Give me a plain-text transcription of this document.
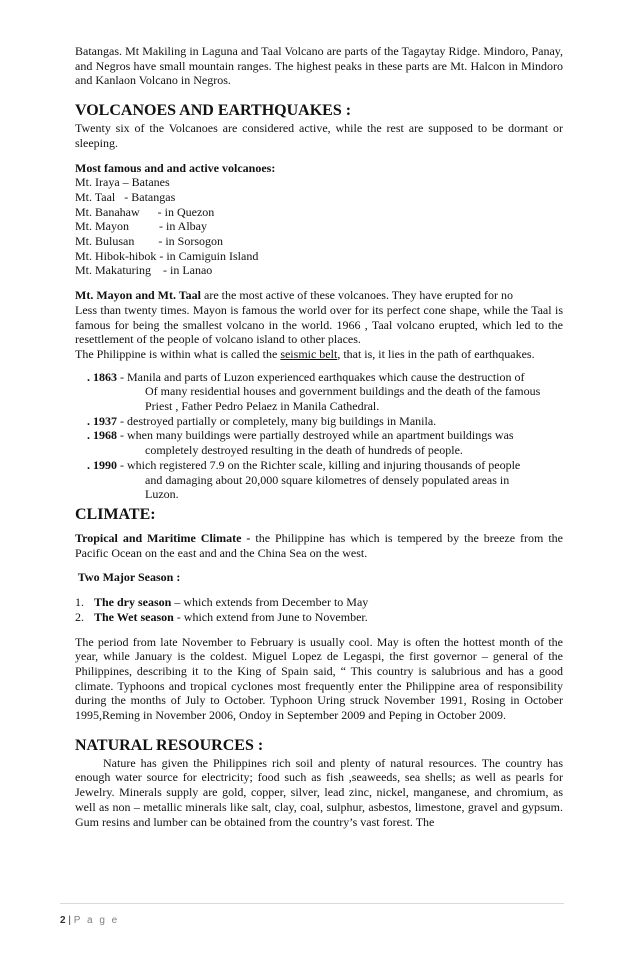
Batangas. Mt Makiling in Laguna and Taal Volcano are parts of the Tagaytay Ridge. Mindoro, Panay, and Negros have small mountain ranges. The highest peaks in these parts are Mt. Halcon in Mindoro and Kanlaon Volcano in Negros.

VOLCANOES AND EARTHQUAKES :

Twenty six of the Volcanoes are considered active, while the rest are supposed to be dormant or sleeping.

Most famous and and active volcanoes:

Mt. Iraya – Batanes
Mt. Taal   - Batangas
Mt. Banahaw      - in Quezon
Mt. Mayon          - in Albay
Mt. Bulusan        - in Sorsogon
Mt. Hibok-hibok - in Camiguin Island
Mt. Makaturing    - in Lanao

Mt. Mayon and Mt. Taal are the most active of these volcanoes. They have erupted for no

Less than twenty times. Mayon is famous the world over for its perfect cone shape, while the Taal is famous for being the smallest volcano in the world. 1966 , Taal volcano erupted, which led to the resettlement of the people of volcano island to other places.

The Philippine is within what is called the seismic belt, that is, it lies in the path of earthquakes.

. 1863 - Manila and parts of Luzon experienced earthquakes which cause the destruction of
Of many residential houses and government buildings and the death of the famous
Priest , Father Pedro Pelaez in Manila Cathedral.
. 1937 - destroyed partially or completely, many big buildings in Manila.
. 1968 - when many buildings were partially destroyed while an apartment buildings was
completely destroyed resulting in the death of hundreds of people.
. 1990 - which registered 7.9 on the Richter scale, killing and injuring thousands of people
and damaging about 20,000 square kilometres of densely populated areas in
Luzon.
CLIMATE:

Tropical and Maritime Climate - the Philippine has which is tempered by the breeze from the Pacific Ocean on the east and and the China Sea on the west.

Two Major Season :

1. The dry season – which extends from December to May
2. The Wet season - which extend from June to November.

The period from late November to February is usually cool. May is often the hottest month of the year, while January is the coldest. Miguel Lopez de Legaspi, the first governor – general of the Philippines, describing it to the King of Spain said, “ This country is salubrious and has a good climate. Typhoons and tropical cyclones most frequently enter the Philippine area of responsibility during the months of July to October. Typhoon Uring struck November 1991, Rosing in October 1995,Reming in November 2006, Ondoy in September 2009 and Peping in October 2009.

NATURAL RESOURCES :

Nature has given the Philippines rich soil and plenty of natural resources. The country has enough water source for electricity; food such as fish ,seaweeds, sea shells; as well as pearls for Jewelry. Minerals supply are gold, copper, silver, lead zinc, nickel, manganese, and chromium, as well as non – metallic minerals like salt, clay, coal, sulphur, asbestos, limestone, gravel and gypsum. Gum resins and lumber can be obtained from the country’s vast forest. The

2 | P a g e
